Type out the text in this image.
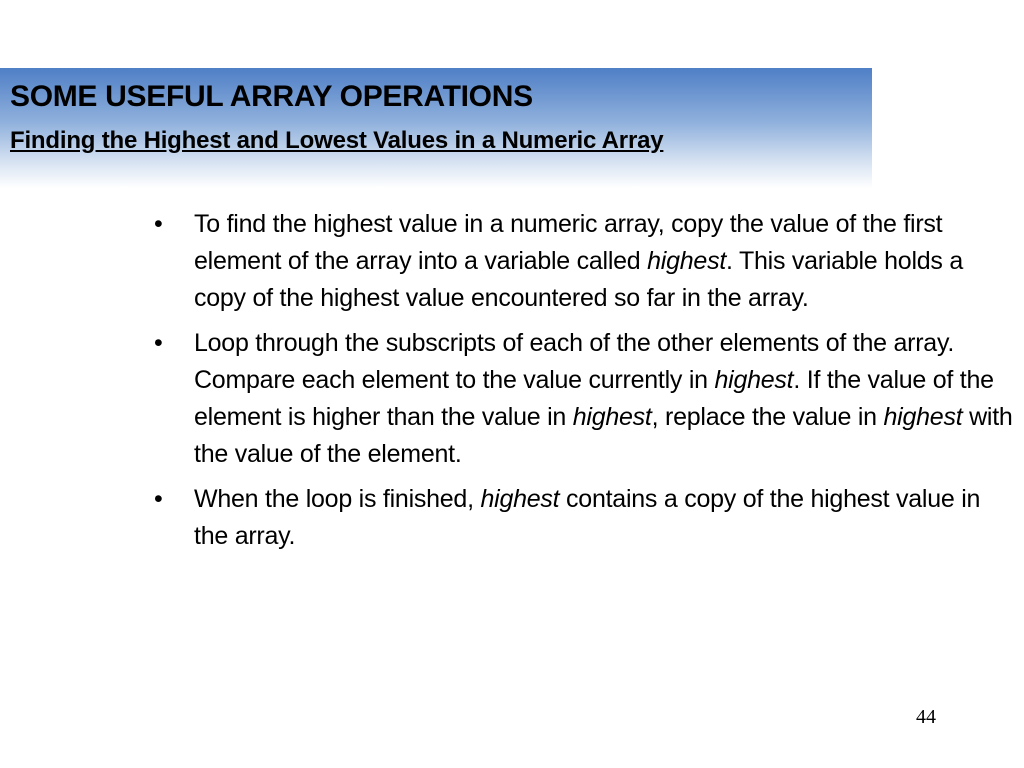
SOME USEFUL ARRAY OPERATIONS
Finding the Highest and Lowest Values in a Numeric Array
• To find the highest value in a numeric array, copy the value of the first element of the array into a variable called highest. This variable holds a copy of the highest value encountered so far in the array.
• Loop through the subscripts of each of the other elements of the array. Compare each element to the value currently in highest. If the value of the element is higher than the value in highest, replace the value in highest with the value of the element.
• When the loop is finished, highest contains a copy of the highest value in the array.
44
